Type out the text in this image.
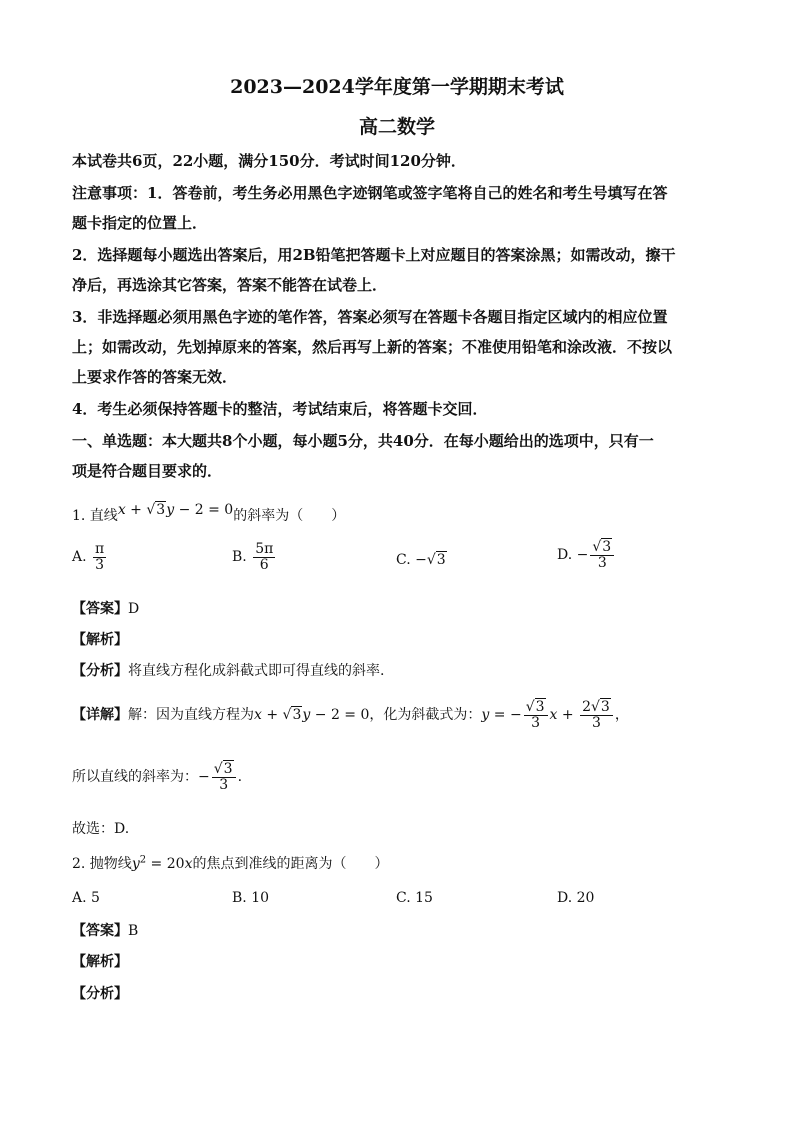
2023—2024学年度第一学期期末考试
高二数学
本试卷共6页，22小题，满分150分．考试时间120分钟．
注意事项：1．答卷前，考生务必用黑色字迹钢笔或签字笔将自己的姓名和考生号填写在答
题卡指定的位置上．
2．选择题每小题选出答案后，用2B铅笔把答题卡上对应题目的答案涂黑；如需改动，擦干
净后，再选涂其它答案，答案不能答在试卷上．
3．非选择题必须用黑色字迹的笔作答，答案必须写在答题卡各题目指定区域内的相应位置
上；如需改动，先划掉原来的答案，然后再写上新的答案；不准使用铅笔和涂改液．不按以
上要求作答的答案无效．
4．考生必须保持答题卡的整洁，考试结束后，将答题卡交回．
一、单选题：本大题共8个小题，每小题5分，共40分．在每小题给出的选项中，只有一
项是符合题目要求的．
1. 直线x + √3y − 2 = 0的斜率为（　　）
A. $\frac{\pi}{3}$	B. $\frac{5\pi}{6}$	C. −√3	D. − $\frac{√3}{3}$
【答案】D
【解析】
【分析】将直线方程化成斜截式即可得直线的斜率.
【详解】解：因为直线方程为x + √3y − 2 = 0，化为斜截式为：y = − $\frac{√3}{3}$ $x + \frac{2√3}{3}$ ，
所以直线的斜率为：− $\frac{√3}{3}$ .
故选：D.
2. 抛物线$y^2 = 20x$的焦点到准线的距离为（　　）
A. 5	B. 10	C. 15	D. 20
【答案】B
【解析】
【分析】
